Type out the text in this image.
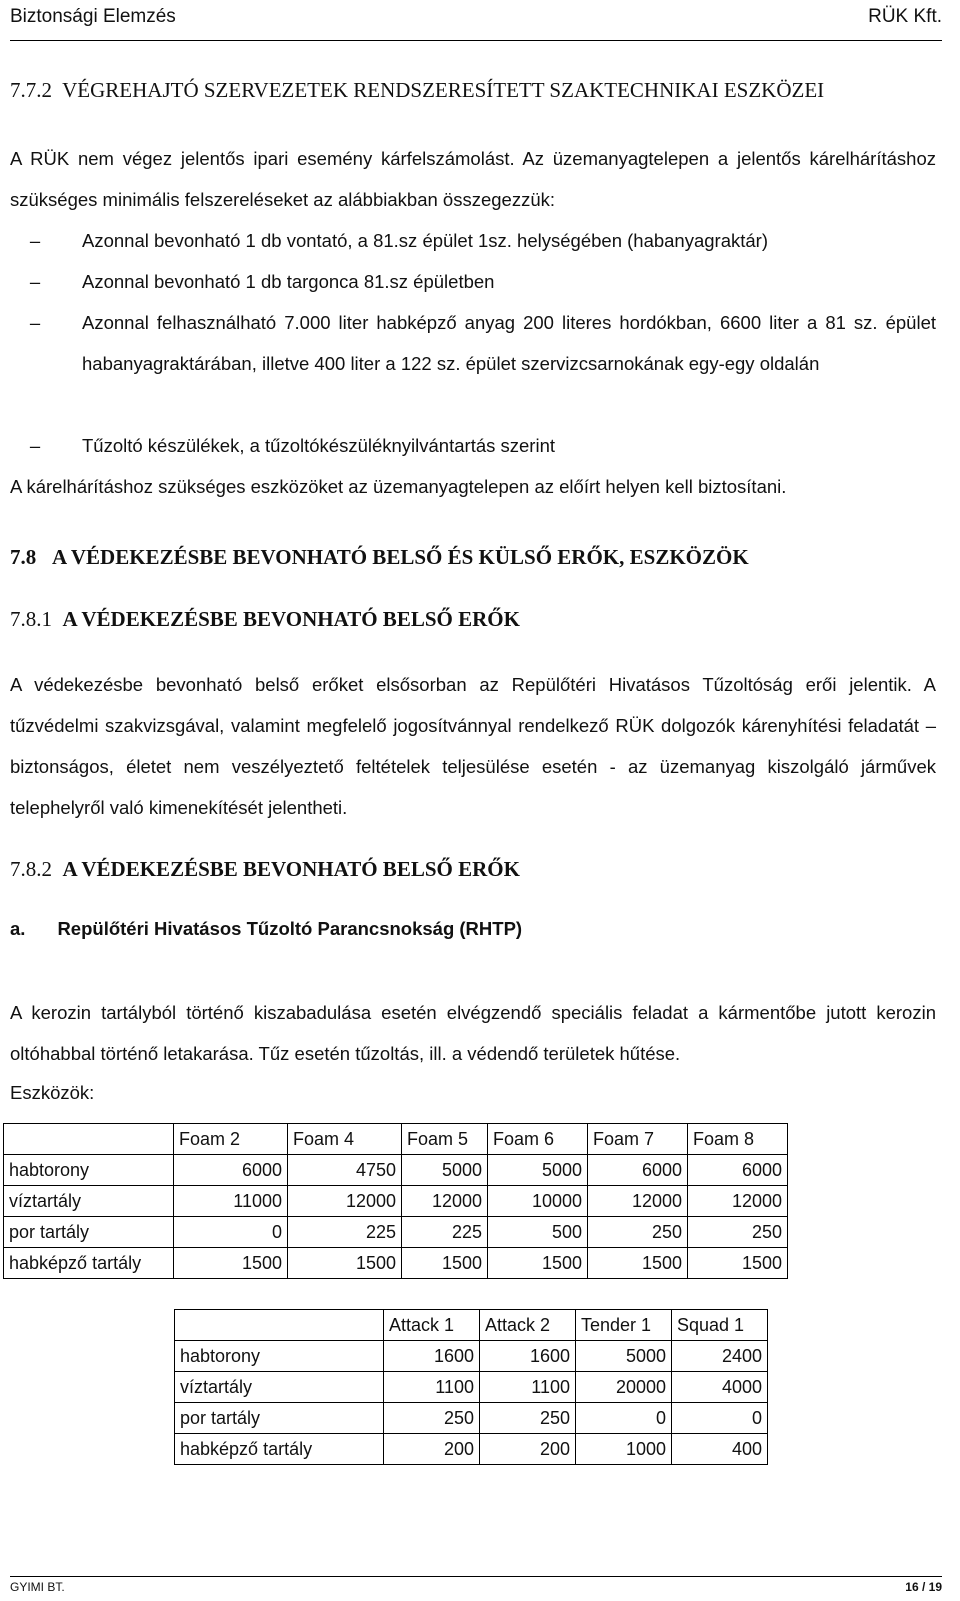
Biztonsági Elemzés	RÜK Kft.
7.7.2 VÉGREHAJTÓ SZERVEZETEK RENDSZERESÍTETT SZAKTECHNIKAI ESZKÖZEI
A RÜK nem végez jelentős ipari esemény kárfelszámolást. Az üzemanyagtelepen a jelentős kárelhárításhoz szükséges minimális felszereléseket az alábbiakban összegezzük:
–	Azonnal bevonható 1 db vontató, a 81.sz épület 1sz. helységében (habanyagraktár)
–	Azonnal bevonható 1 db targonca 81.sz épületben
–	Azonnal felhasználható 7.000 liter habképző anyag 200 literes hordókban, 6600 liter a 81 sz. épület habanyagraktárában, illetve 400 liter a 122 sz. épület szervizcsarnokának egy-egy oldalán
–	Tűzoltó készülékek, a tűzoltókészüléknyilvántartás szerint
A kárelhárításhoz szükséges eszközöket az üzemanyagtelepen az előírt helyen kell biztosítani.
7.8 A VÉDEKEZÉSBE BEVONHATÓ BELSŐ ÉS KÜLSŐ ERŐK, ESZKÖZÖK
7.8.1 A VÉDEKEZÉSBE BEVONHATÓ BELSŐ ERŐK
A védekezésbe bevonható belső erőket elsősorban az Repülőtéri Hivatásos Tűzoltóság erői jelentik. A tűzvédelmi szakvizsgával, valamint megfelelő jogosítvánnyal rendelkező RÜK dolgozók kárenyhítési feladatát – biztonságos, életet nem veszélyeztető feltételek teljesülése esetén - az üzemanyag kiszolgáló járművek telephelyről való kimenekítését jelentheti.
7.8.2 A VÉDEKEZÉSBE BEVONHATÓ BELSŐ ERŐK
a. Repülőtéri Hivatásos Tűzoltó Parancsnokság (RHTP)
A kerozin tartályból történő kiszabadulása esetén elvégzendő speciális feladat a kármentőbe jutott kerozin oltóhabbal történő letakarása. Tűz esetén tűzoltás, ill. a védendő területek hűtése.
Eszközök:
	Foam 2	Foam 4	Foam 5	Foam 6	Foam 7	Foam 8
habtorony	6000	4750	5000	5000	6000	6000
víztartály	11000	12000	12000	10000	12000	12000
por tartály	0	225	225	500	250	250
habképző tartály	1500	1500	1500	1500	1500	1500
	Attack 1	Attack 2	Tender 1	Squad 1
habtorony	1600	1600	5000	2400
víztartály	1100	1100	20000	4000
por tartály	250	250	0	0
habképző tartály	200	200	1000	400
GYIMI BT.	16 / 19
